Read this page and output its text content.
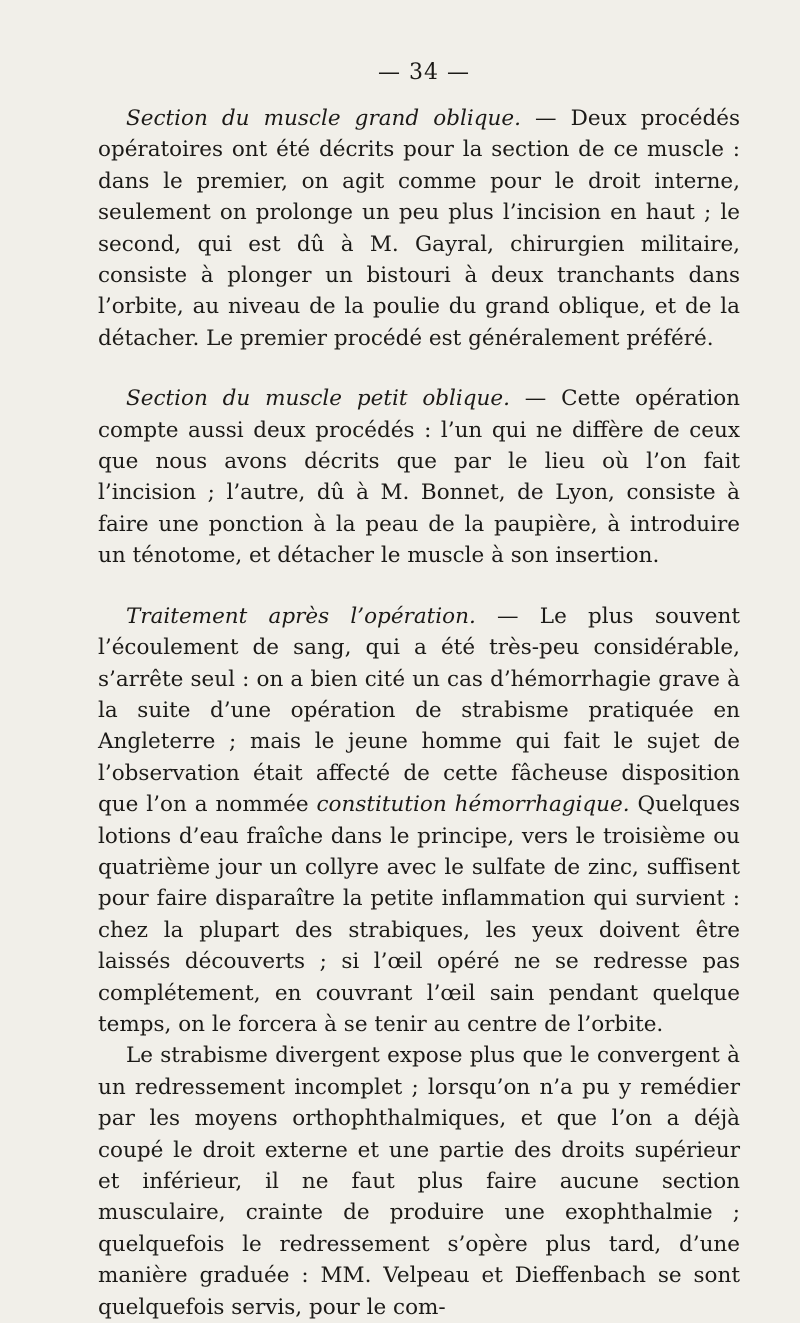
— 34 —

Section du muscle grand oblique. — Deux procédés opératoires ont été décrits pour la section de ce muscle : dans le premier, on agit comme pour le droit interne, seulement on prolonge un peu plus l’incision en haut ; le second, qui est dû à M. Gayral, chirurgien militaire, consiste à plonger un bistouri à deux tranchants dans l’orbite, au niveau de la poulie du grand oblique, et de la détacher. Le premier procédé est généralement préféré.

Section du muscle petit oblique. — Cette opération compte aussi deux procédés : l’un qui ne diffère de ceux que nous avons décrits que par le lieu où l’on fait l’incision ; l’autre, dû à M. Bonnet, de Lyon, consiste à faire une ponction à la peau de la paupière, à introduire un ténotome, et détacher le muscle à son insertion.

Traitement après l’opération. — Le plus souvent l’écoulement de sang, qui a été très-peu considérable, s’arrête seul : on a bien cité un cas d’hémorrhagie grave à la suite d’une opération de strabisme pratiquée en Angleterre ; mais le jeune homme qui fait le sujet de l’observation était affecté de cette fâcheuse disposition que l’on a nommée constitution hémorrhagique. Quelques lotions d’eau fraîche dans le principe, vers le troisième ou quatrième jour un collyre avec le sulfate de zinc, suffisent pour faire disparaître la petite inflammation qui survient : chez la plupart des strabiques, les yeux doivent être laissés découverts ; si l’œil opéré ne se redresse pas complétement, en couvrant l’œil sain pendant quelque temps, on le forcera à se tenir au centre de l’orbite.

Le strabisme divergent expose plus que le convergent à un redressement incomplet ; lorsqu’on n’a pu y remédier par les moyens orthophthalmiques, et que l’on a déjà coupé le droit externe et une partie des droits supérieur et inférieur, il ne faut plus faire aucune section musculaire, crainte de produire une exophthalmie ; quelquefois le redressement s’opère plus tard, d’une manière graduée : MM. Velpeau et Dieffenbach se sont quelquefois servis, pour le com-
